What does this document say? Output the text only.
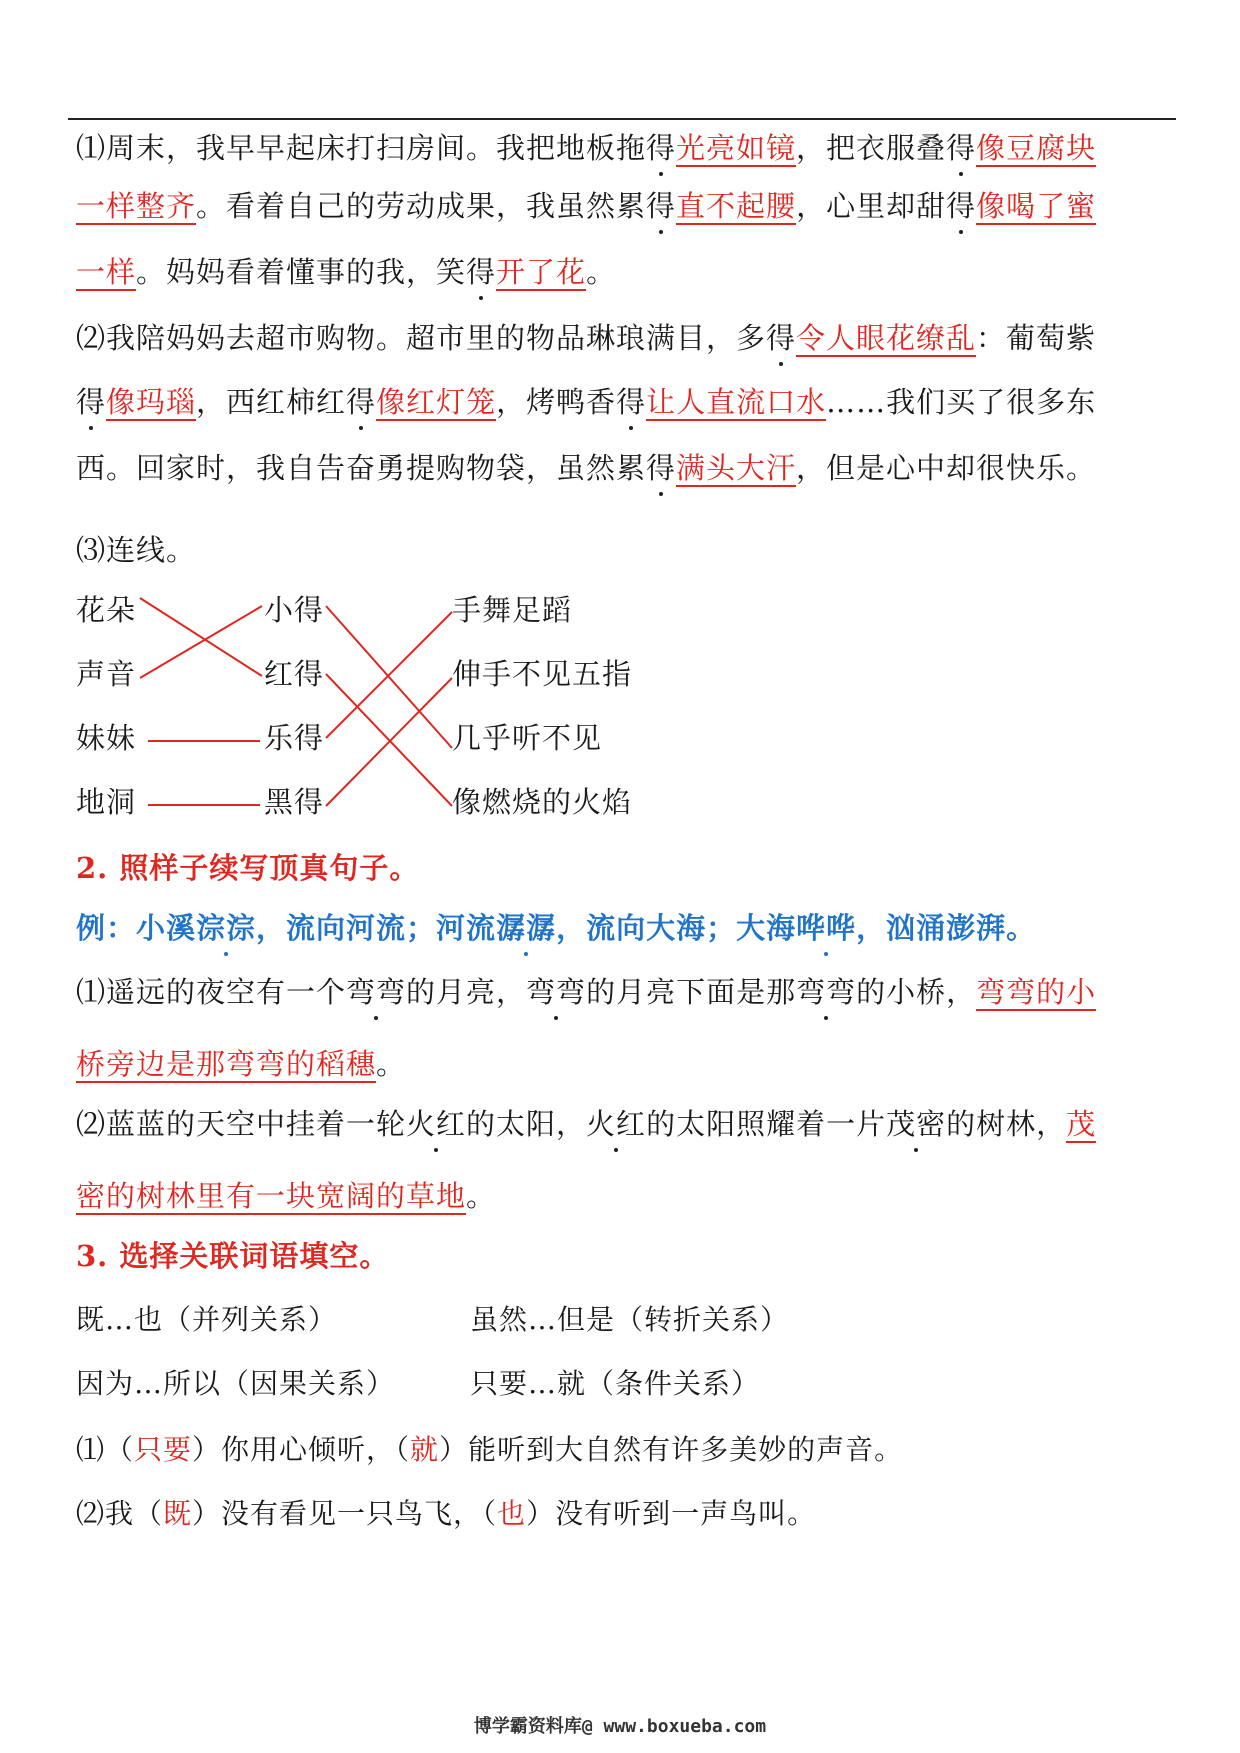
⑴周末，我早早起床打扫房间。我把地板拖得光亮如镜，把衣服叠得像豆腐块
一样整齐。看着自己的劳动成果，我虽然累得直不起腰，心里却甜得像喝了蜜
一样。妈妈看着懂事的我，笑得开了花。
⑵我陪妈妈去超市购物。超市里的物品琳琅满目，多得令人眼花缭乱：葡萄紫
得像玛瑙，西红柿红得像红灯笼，烤鸭香得让人直流口水……我们买了很多东
西。回家时，我自告奋勇提购物袋，虽然累得满头大汗，但是心中却很快乐。
⑶连线。
花朵
声音
妹妹
地洞
小得
红得
乐得
黑得
手舞足蹈
伸手不见五指
几乎听不见
像燃烧的火焰
2. 照样子续写顶真句子。
例：小溪淙淙，流向河流；河流潺潺，流向大海；大海哗哗，汹涌澎湃。
⑴遥远的夜空有一个弯弯的月亮，弯弯的月亮下面是那弯弯的小桥，弯弯的小
桥旁边是那弯弯的稻穗。
⑵蓝蓝的天空中挂着一轮火红的太阳，火红的太阳照耀着一片茂密的树林，茂
密的树林里有一块宽阔的草地。
3. 选择关联词语填空。
既…也（并列关系）	虽然…但是（转折关系）
因为…所以（因果关系）	只要…就（条件关系）
⑴（只要）你用心倾听，（就）能听到大自然有许多美妙的声音。
⑵我（既）没有看见一只鸟飞，（也）没有听到一声鸟叫。
博学霸资料库@ www.boxueba.com
